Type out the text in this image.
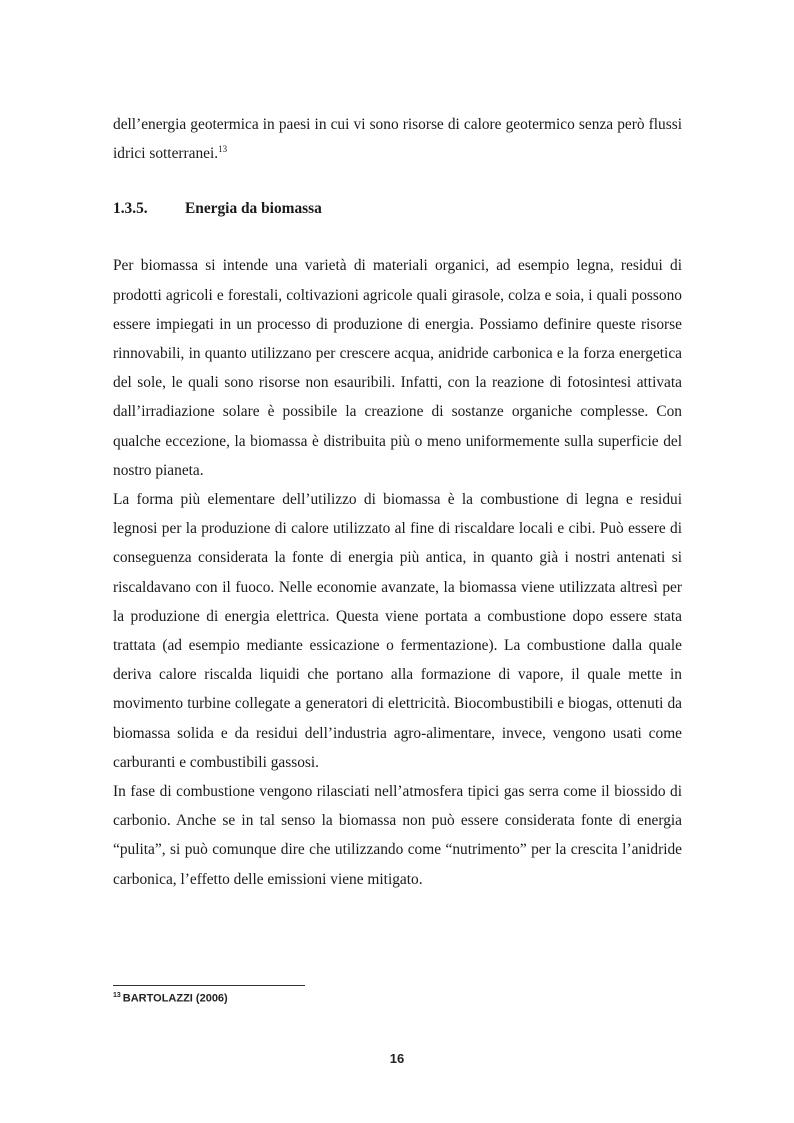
dell’energia geotermica in paesi in cui vi sono risorse di calore geotermico senza però flussi idrici sotterranei.$^{13}$

1.3.5.	Energia da biomassa

Per biomassa si intende una varietà di materiali organici, ad esempio legna, residui di prodotti agricoli e forestali, coltivazioni agricole quali girasole, colza e soia, i quali possono essere impiegati in un processo di produzione di energia. Possiamo definire queste risorse rinnovabili, in quanto utilizzano per crescere acqua, anidride carbonica e la forza energetica del sole, le quali sono risorse non esauribili. Infatti, con la reazione di fotosintesi attivata dall’irradiazione solare è possibile la creazione di sostanze organiche complesse. Con qualche eccezione, la biomassa è distribuita più o meno uniformemente sulla superficie del nostro pianeta.

La forma più elementare dell’utilizzo di biomassa è la combustione di legna e residui legnosi per la produzione di calore utilizzato al fine di riscaldare locali e cibi. Può essere di conseguenza considerata la fonte di energia più antica, in quanto già i nostri antenati si riscaldavano con il fuoco. Nelle economie avanzate, la biomassa viene utilizzata altresì per la produzione di energia elettrica. Questa viene portata a combustione dopo essere stata trattata (ad esempio mediante essicazione o fermentazione). La combustione dalla quale deriva calore riscalda liquidi che portano alla formazione di vapore, il quale mette in movimento turbine collegate a generatori di elettricità. Biocombustibili e biogas, ottenuti da biomassa solida e da residui dell’industria agro-alimentare, invece, vengono usati come carburanti e combustibili gassosi.

In fase di combustione vengono rilasciati nell’atmosfera tipici gas serra come il biossido di carbonio. Anche se in tal senso la biomassa non può essere considerata fonte di energia “pulita”, si può comunque dire che utilizzando come “nutrimento” per la crescita l’anidride carbonica, l’effetto delle emissioni viene mitigato.

$^{13}$ BARTOLAZZI (2006)
16
